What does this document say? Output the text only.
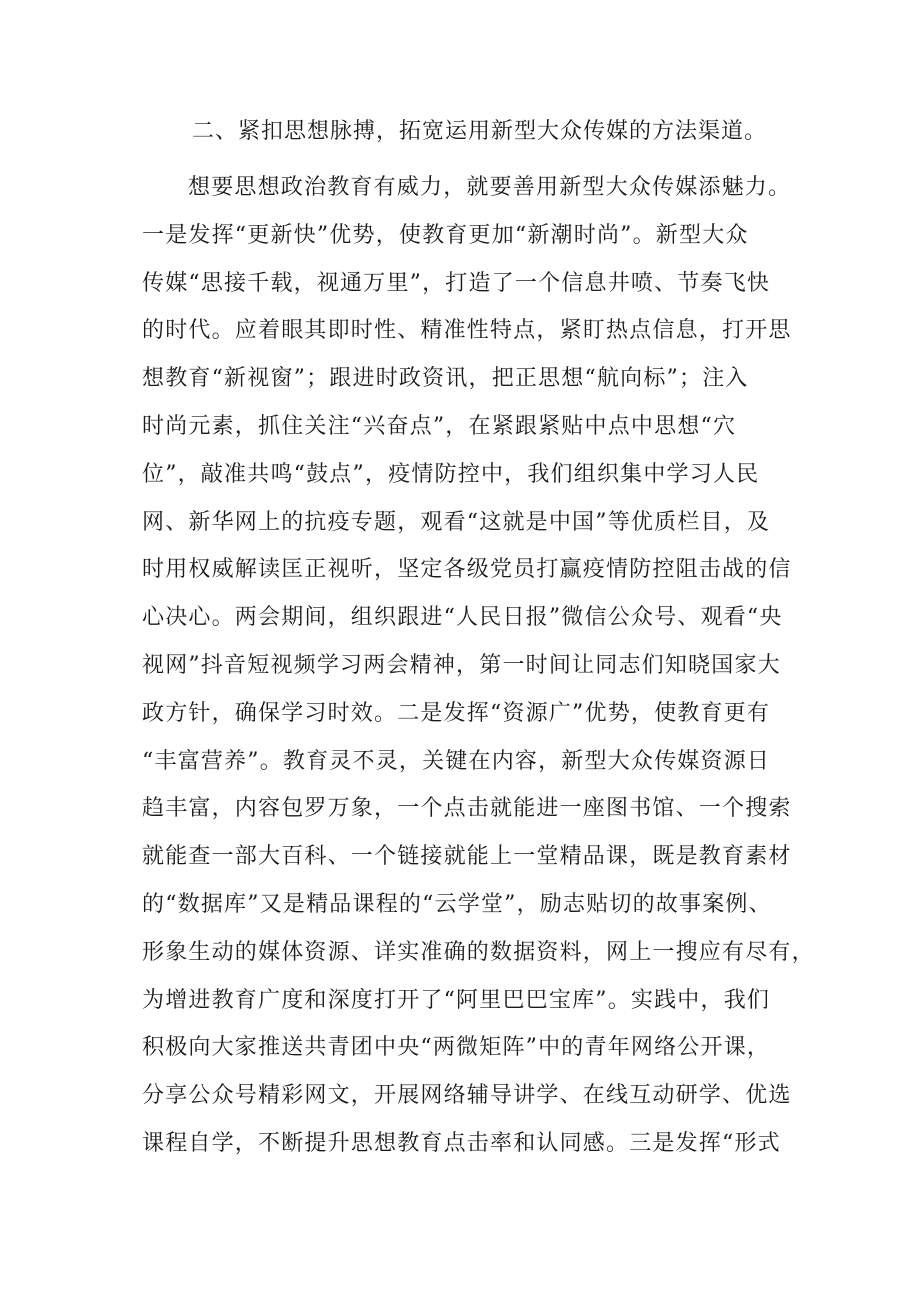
二、紧扣思想脉搏，拓宽运用新型大众传媒的方法渠道。
想要思想政治教育有威力，就要善用新型大众传媒添魅力。
一是发挥“更新快”优势，使教育更加“新潮时尚”。新型大众
传媒“思接千载，视通万里”，打造了一个信息井喷、节奏飞快
的时代。应着眼其即时性、精准性特点，紧盯热点信息，打开思
想教育“新视窗”；跟进时政资讯，把正思想“航向标”；注入
时尚元素，抓住关注“兴奋点”，在紧跟紧贴中点中思想“穴
位”，敲准共鸣“鼓点”，疫情防控中，我们组织集中学习人民
网、新华网上的抗疫专题，观看“这就是中国”等优质栏目，及
时用权威解读匡正视听，坚定各级党员打赢疫情防控阻击战的信
心决心。两会期间，组织跟进“人民日报”微信公众号、观看“央
视网”抖音短视频学习两会精神，第一时间让同志们知晓国家大
政方针，确保学习时效。二是发挥“资源广”优势，使教育更有
“丰富营养”。教育灵不灵，关键在内容，新型大众传媒资源日
趋丰富，内容包罗万象，一个点击就能进一座图书馆、一个搜索
就能查一部大百科、一个链接就能上一堂精品课，既是教育素材
的“数据库”又是精品课程的“云学堂”，励志贴切的故事案例、
形象生动的媒体资源、详实准确的数据资料，网上一搜应有尽有，
为增进教育广度和深度打开了“阿里巴巴宝库”。实践中，我们
积极向大家推送共青团中央“两微矩阵”中的青年网络公开课，
分享公众号精彩网文，开展网络辅导讲学、在线互动研学、优选
课程自学，不断提升思想教育点击率和认同感。三是发挥“形式
